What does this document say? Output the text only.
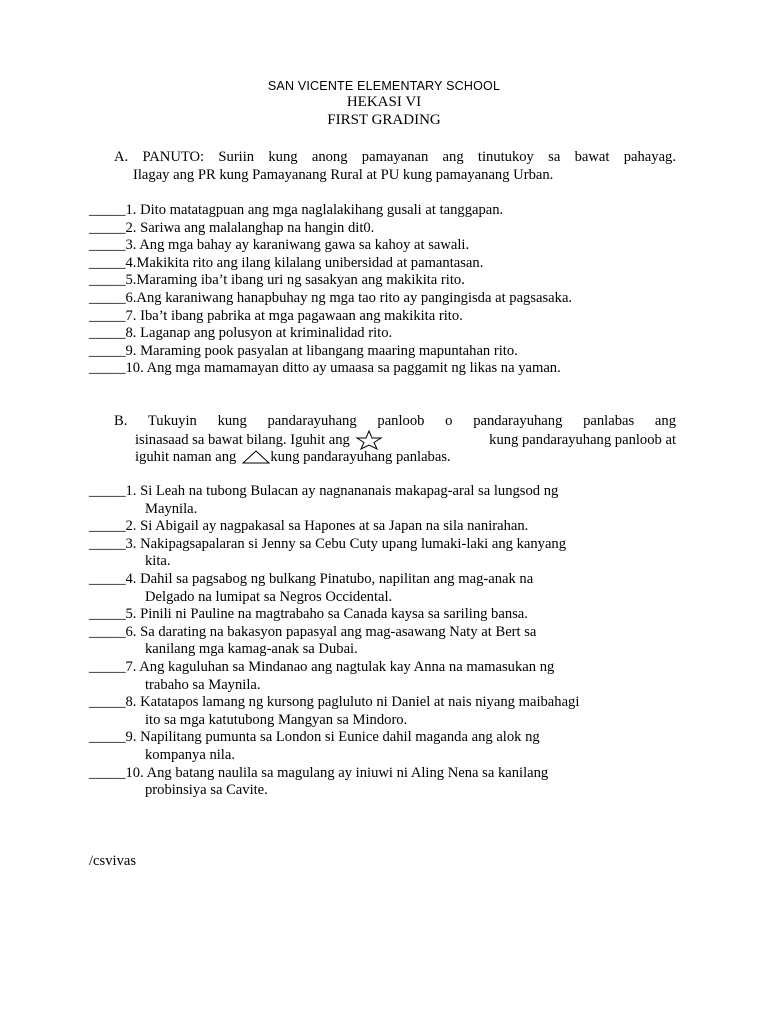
SAN VICENTE ELEMENTARY SCHOOL
HEKASI VI
FIRST GRADING
A. PANUTO: Suriin kung anong pamayanan ang tinutukoy sa bawat pahayag.
Ilagay ang PR kung Pamayanang Rural at PU kung pamayanang Urban.
_____1. Dito matatagpuan ang mga naglalakihang gusali at tanggapan.
_____2. Sariwa ang malalanghap na hangin dit0.
_____3. Ang mga bahay ay karaniwang gawa sa kahoy at sawali.
_____4.Makikita rito ang ilang kilalang unibersidad at pamantasan.
_____5.Maraming iba’t ibang uri ng sasakyan ang makikita rito.
_____6.Ang karaniwang hanapbuhay ng mga tao rito ay pangingisda at pagsasaka.
_____7. Iba’t ibang pabrika at mga pagawaan ang makikita rito.
_____8. Laganap ang polusyon at kriminalidad rito.
_____9. Maraming pook pasyalan at libangang maaring mapuntahan rito.
_____10. Ang mga mamamayan ditto ay umaasa sa paggamit ng likas na yaman.
B. Tukuyin kung pandarayuhang panloob o pandarayuhang panlabas ang
isinasaad sa bawat bilang. Iguhit ang	kung pandarayuhang panloob at
iguhit naman ang kung pandarayuhang panlabas.
_____1. Si Leah na tubong Bulacan ay nagnananais makapag-aral sa lungsod ng
Maynila.
_____2. Si Abigail ay nagpakasal sa Hapones at sa Japan na sila nanirahan.
_____3. Nakipagsapalaran si Jenny sa Cebu Cuty upang lumaki-laki ang kanyang
kita.
_____4. Dahil sa pagsabog ng bulkang Pinatubo, napilitan ang mag-anak na
Delgado na lumipat sa Negros Occidental.
_____5. Pinili ni Pauline na magtrabaho sa Canada kaysa sa sariling bansa.
_____6. Sa darating na bakasyon papasyal ang mag-asawang Naty at Bert sa
kanilang mga kamag-anak sa Dubai.
_____7. Ang kaguluhan sa Mindanao ang nagtulak kay Anna na mamasukan ng
trabaho sa Maynila.
_____8. Katatapos lamang ng kursong pagluluto ni Daniel at nais niyang maibahagi
ito sa mga katutubong Mangyan sa Mindoro.
_____9. Napilitang pumunta sa London si Eunice dahil maganda ang alok ng
kompanya nila.
_____10. Ang batang naulila sa magulang ay iniuwi ni Aling Nena sa kanilang
probinsiya sa Cavite.
/csvivas
